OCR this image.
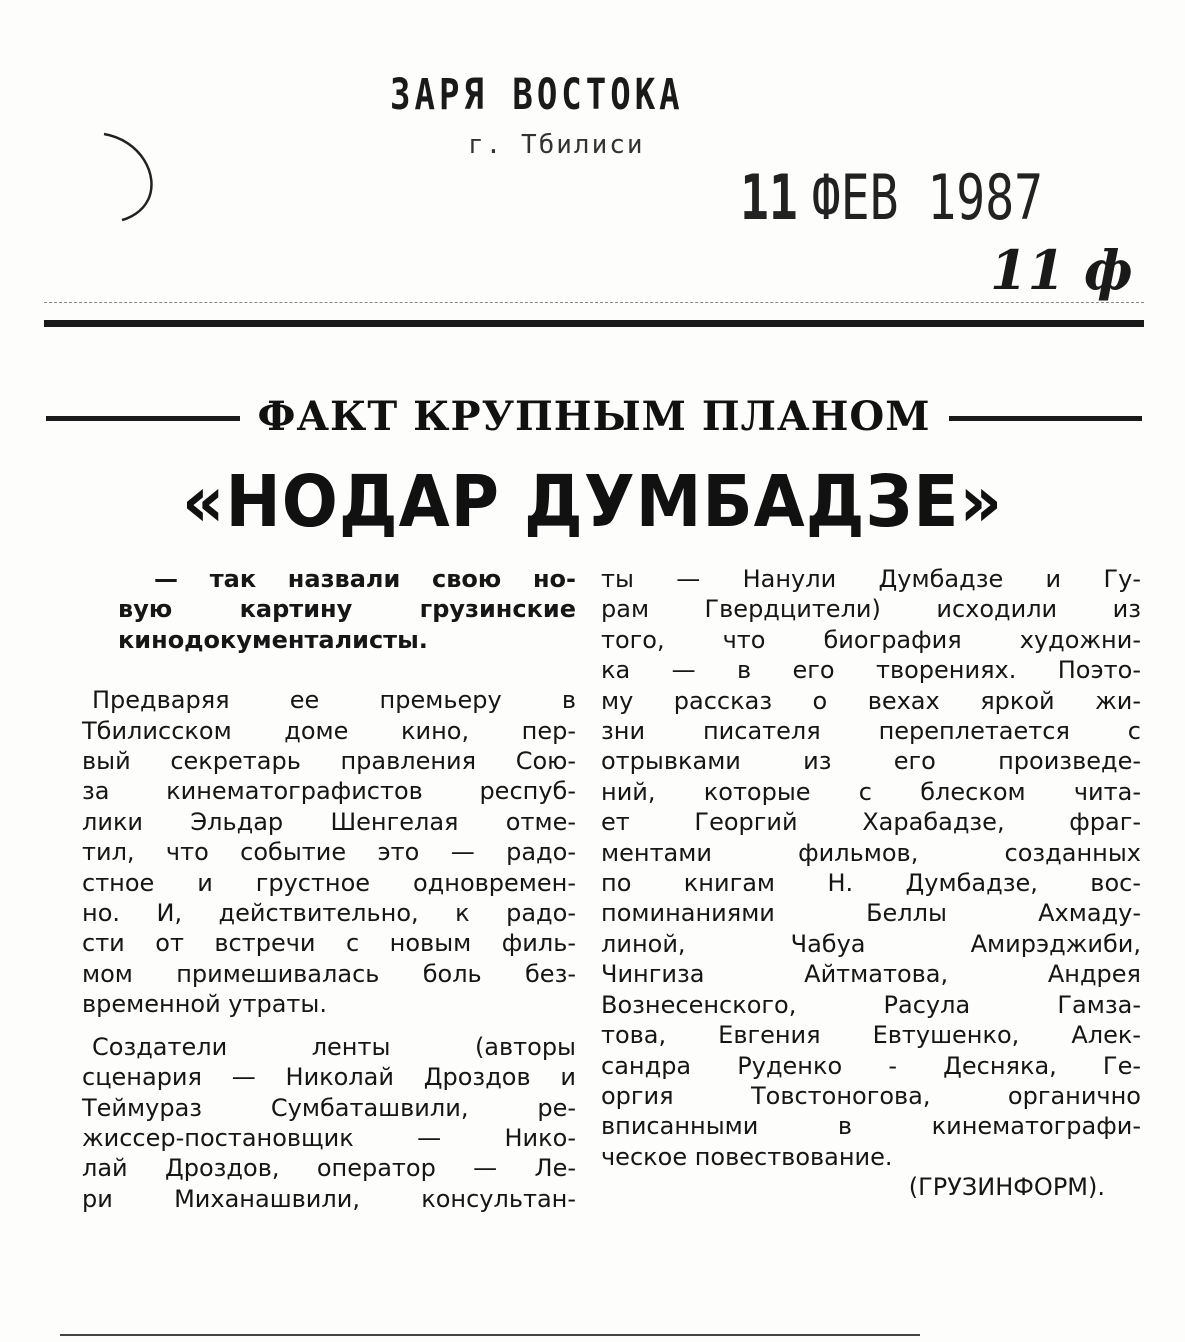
ЗАРЯ ВОСТОКА
г. Тбилиси
11 ФЕВ 1987
11 ф
ФАКТ КРУПНЫМ ПЛАНОМ
«НОДАР ДУМБАДЗЕ»
— так назвали свою но-
вую картину грузинские
кинодокументалисты.
Предваряя ее премьеру в
Тбилисском доме кино, пер-
вый секретарь правления Сою-
за кинематографистов респуб-
лики Эльдар Шенгелая отме-
тил, что событие это — радо-
стное и грустное одновремен-
но. И, действительно, к радо-
сти от встречи с новым филь-
мом примешивалась боль без-
временной утраты.
Создатели ленты (авторы
сценария — Николай Дроздов и
Теймураз Сумбаташвили, ре-
жиссер-постановщик — Нико-
лай Дроздов, оператор — Ле-
ри Миханашвили, консультан-
ты — Нанули Думбадзе и Гу-
рам Гвердцители) исходили из
того, что биография художни-
ка — в его творениях. Поэто-
му рассказ о вехах яркой жи-
зни писателя переплетается с
отрывками из его произведе-
ний, которые с блеском чита-
ет Георгий Харабадзе, фраг-
ментами фильмов, созданных
по книгам Н. Думбадзе, вос-
поминаниями Беллы Ахмаду-
линой, Чабуа Амирэджиби,
Чингиза Айтматова, Андрея
Вознесенского, Расула Гамза-
това, Евгения Евтушенко, Алек-
сандра Руденко - Десняка, Ге-
оргия Товстоногова, органично
вписанными в кинематографи-
ческое повествование.
(ГРУЗИНФОРМ).
